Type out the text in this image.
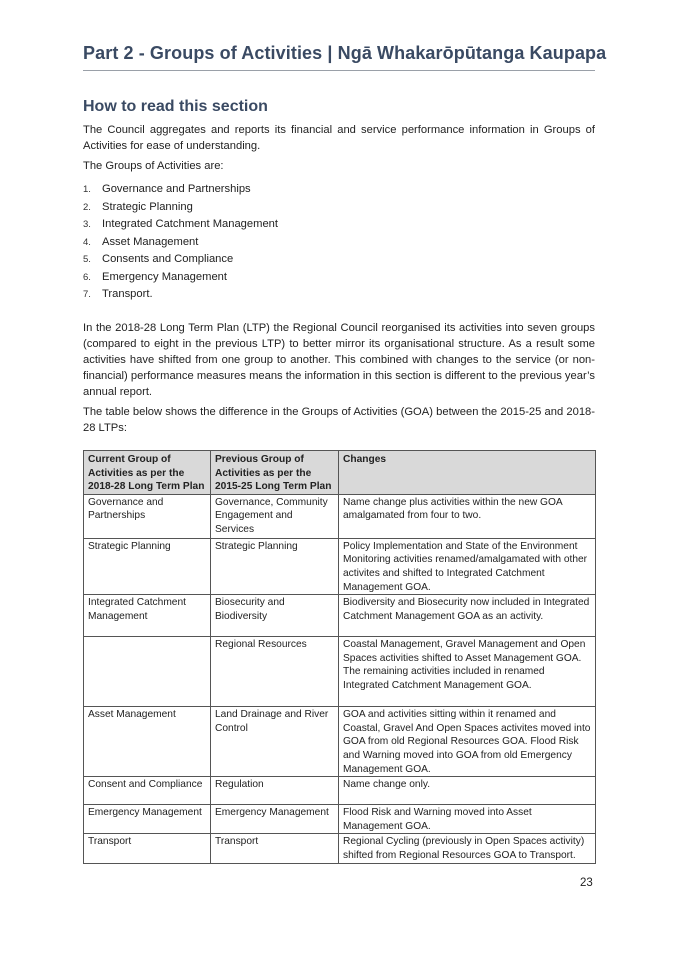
Part 2 - Groups of Activities | Ngā Whakarōpūtanga Kaupapa
How to read this section
The Council aggregates and reports its financial and service performance information in Groups of Activities for ease of understanding.
The Groups of Activities are:
1. Governance and Partnerships
2. Strategic Planning
3. Integrated Catchment Management
4. Asset Management
5. Consents and Compliance
6. Emergency Management
7. Transport.
In the 2018-28 Long Term Plan (LTP) the Regional Council reorganised its activities into seven groups (compared to eight in the previous LTP) to better mirror its organisational structure. As a result some activities have shifted from one group to another. This combined with changes to the service (or non-financial) performance measures means the information in this section is different to the previous year’s annual report.
The table below shows the difference in the Groups of Activities (GOA) between the 2015-25 and 2018-28 LTPs:
Current Group of Activities as per the 2018-28 Long Term Plan	Previous Group of Activities as per the 2015-25 Long Term Plan	Changes
Governance and Partnerships	Governance, Community Engagement and Services	Name change plus activities within the new GOA amalgamated from four to two.
Strategic Planning	Strategic Planning	Policy Implementation and State of the Environment Monitoring activities renamed/amalgamated with other activites and shifted to Integrated Catchment Management GOA.
Integrated Catchment Management	Biosecurity and Biodiversity	Biodiversity and Biosecurity now included in Integrated Catchment Management GOA as an activity.
	Regional Resources	Coastal Management, Gravel Management and Open Spaces activities shifted to Asset Management GOA. The remaining activities included in renamed Integrated Catchment Management GOA.
Asset Management	Land Drainage and River Control	GOA and activities sitting within it renamed and Coastal, Gravel And Open Spaces activites moved into GOA from old Regional Resources GOA. Flood Risk and Warning moved into GOA from old Emergency Management GOA.
Consent and Compliance	Regulation	Name change only.
Emergency Management	Emergency Management	Flood Risk and Warning moved into Asset Management GOA.
Transport	Transport	Regional Cycling (previously in Open Spaces activity) shifted from Regional Resources GOA to Transport.
23
